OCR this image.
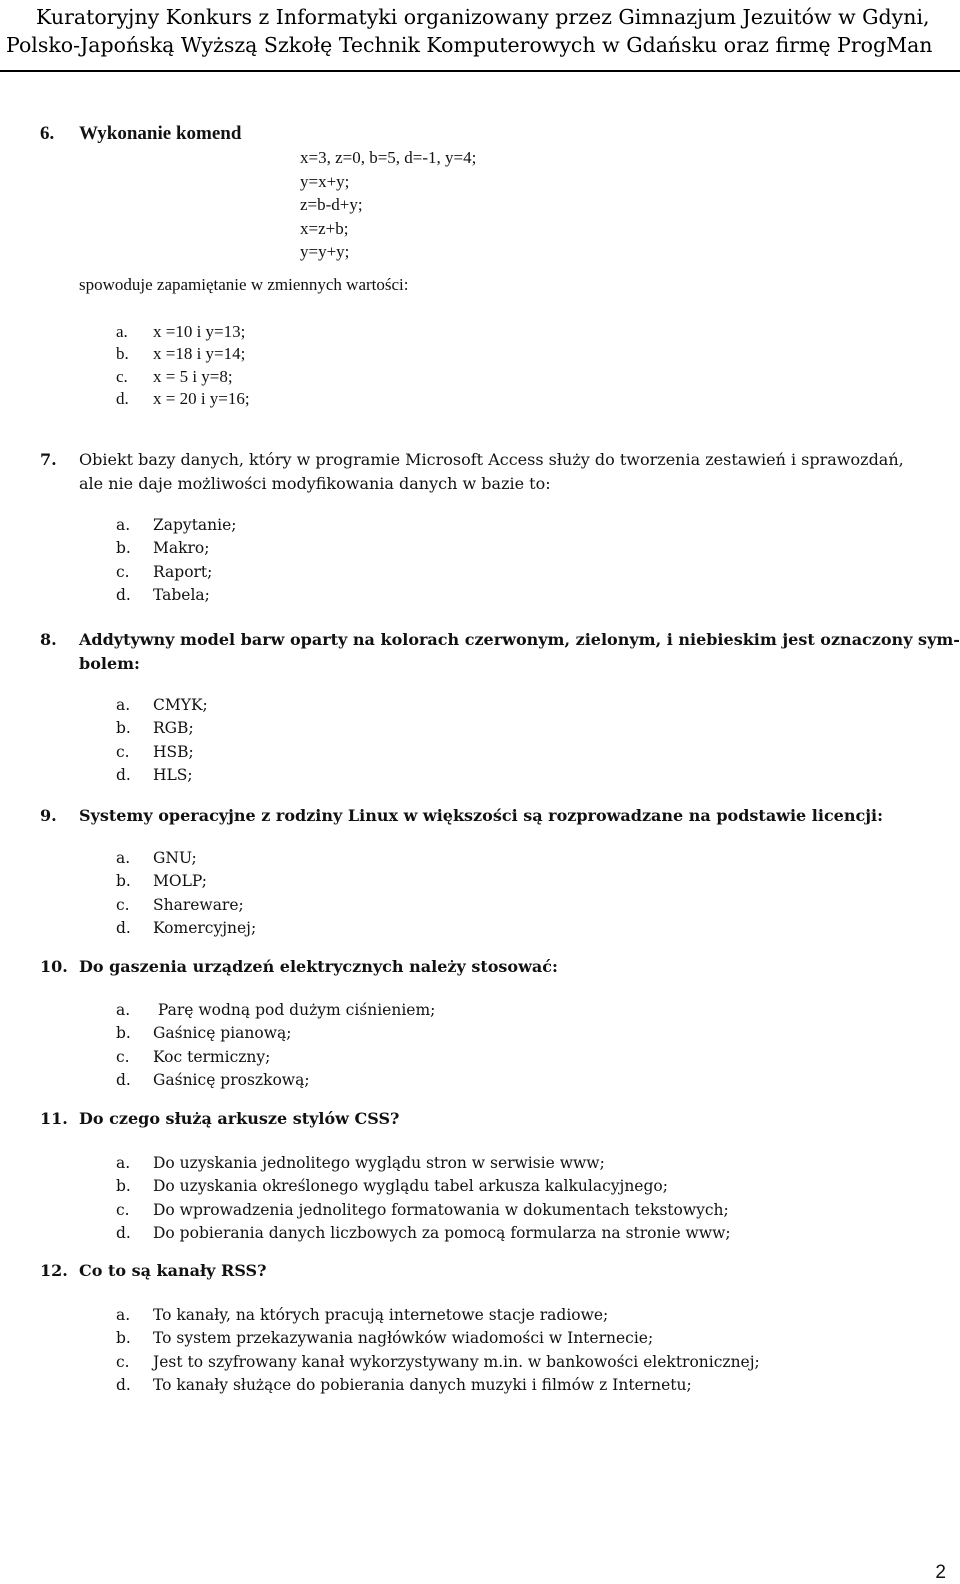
Kuratoryjny Konkurs z Informatyki organizowany przez Gimnazjum Jezuitów w Gdyni,
Polsko-Japońską Wyższą Szkołę Technik Komputerowych w Gdańsku oraz firmę ProgMan
6. Wykonanie komend
x=3, z=0, b=5, d=-1, y=4;
y=x+y;
z=b-d+y;
x=z+b;
y=y+y;
spowoduje zapamiętanie w zmiennych wartości:
a. x =10 i y=13;
b. x =18 i y=14;
c. x = 5 i y=8;
d. x = 20 i y=16;
7. Obiekt bazy danych, który w programie Microsoft Access służy do tworzenia zestawień i sprawozdań,
ale nie daje możliwości modyfikowania danych w bazie to:
a. Zapytanie;
b. Makro;
c. Raport;
d. Tabela;
8. Addytywny model barw oparty na kolorach czerwonym, zielonym, i niebieskim jest oznaczony sym-
bolem:
a. CMYK;
b. RGB;
c. HSB;
d. HLS;
9. Systemy operacyjne z rodziny Linux w większości są rozprowadzane na podstawie licencji:
a. GNU;
b. MOLP;
c. Shareware;
d. Komercyjnej;
10. Do gaszenia urządzeń elektrycznych należy stosować:
a. Parę wodną pod dużym ciśnieniem;
b. Gaśnicę pianową;
c. Koc termiczny;
d. Gaśnicę proszkową;
11. Do czego służą arkusze stylów CSS?
a. Do uzyskania jednolitego wyglądu stron w serwisie www;
b. Do uzyskania określonego wyglądu tabel arkusza kalkulacyjnego;
c. Do wprowadzenia jednolitego formatowania w dokumentach tekstowych;
d. Do pobierania danych liczbowych za pomocą formularza na stronie www;
12. Co to są kanały RSS?
a. To kanały, na których pracują internetowe stacje radiowe;
b. To system przekazywania nagłówków wiadomości w Internecie;
c. Jest to szyfrowany kanał wykorzystywany m.in. w bankowości elektronicznej;
d. To kanały służące do pobierania danych muzyki i filmów z Internetu;
2
